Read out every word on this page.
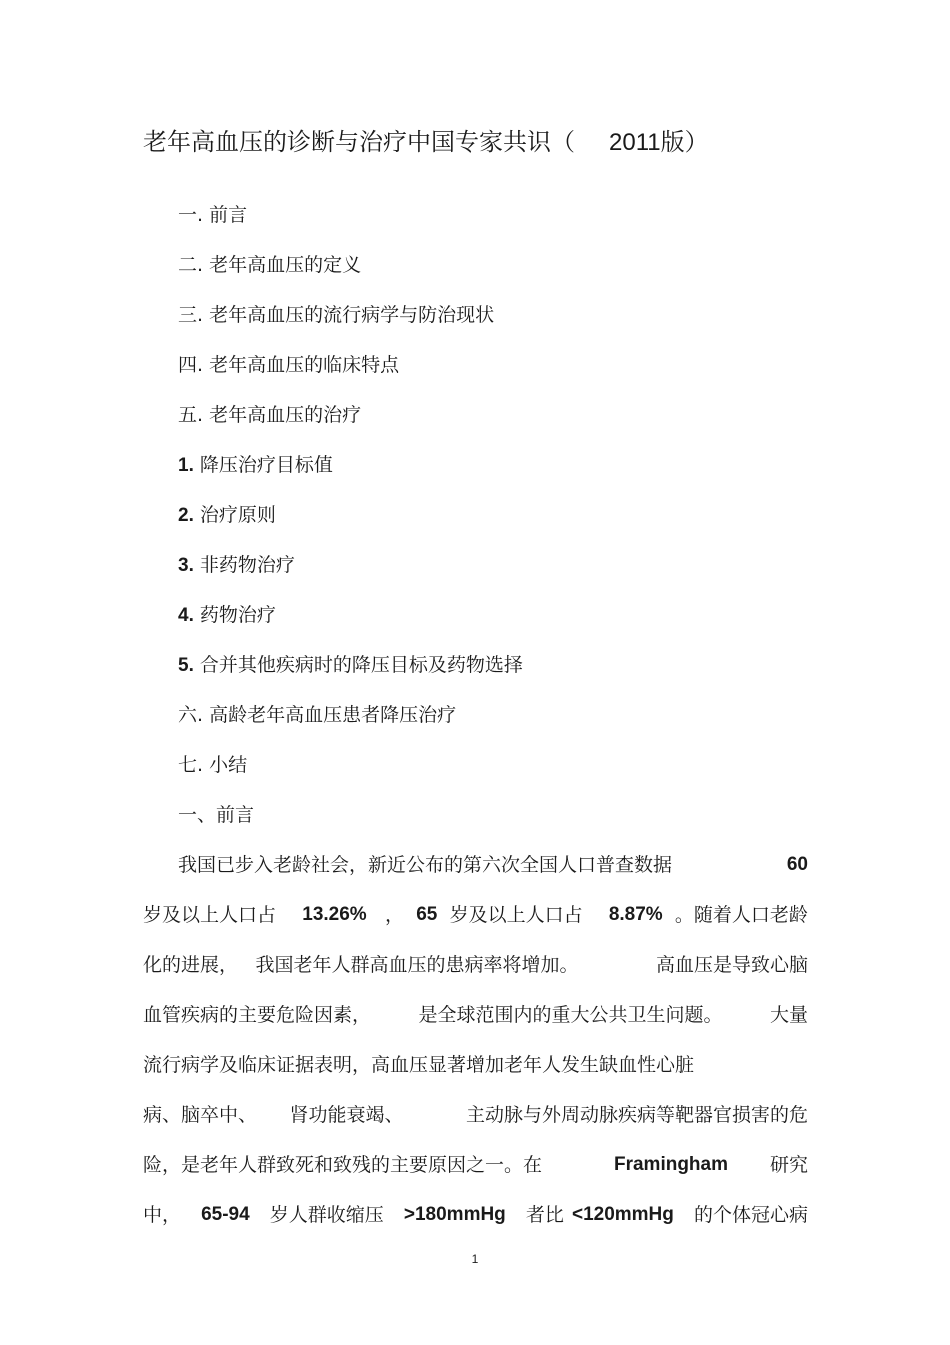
老年高血压的诊断与治疗中国专家共识（ 2011版）
一. 前言
二. 老年高血压的定义
三. 老年高血压的流行病学与防治现状
四. 老年高血压的临床特点
五. 老年高血压的治疗
1. 降压治疗目标值
2. 治疗原则
3. 非药物治疗
4. 药物治疗
5. 合并其他疾病时的降压目标及药物选择
六. 高龄老年高血压患者降压治疗
七. 小结
一、前言
我国已步入老龄社会，新近公布的第六次全国人口普查数据	60
岁及以上人口占 13.26% ， 65 岁及以上人口占 8.87% 。随着人口老龄
化的进展， 我国老年人群高血压的患病率将增加。	高血压是导致心脑
血管疾病的主要危险因素， 是全球范围内的重大公共卫生问题。 大量
流行病学及临床证据表明，高血压显著增加老年人发生缺血性心脏
病、脑卒中、 肾功能衰竭、	主动脉与外周动脉疾病等靶器官损害的危
险，是老年人群致死和致残的主要原因之一。在	Framingham 研究
中， 65-94 岁人群收缩压 >180mmHg 者比 <120mmHg 的个体冠心病
1
